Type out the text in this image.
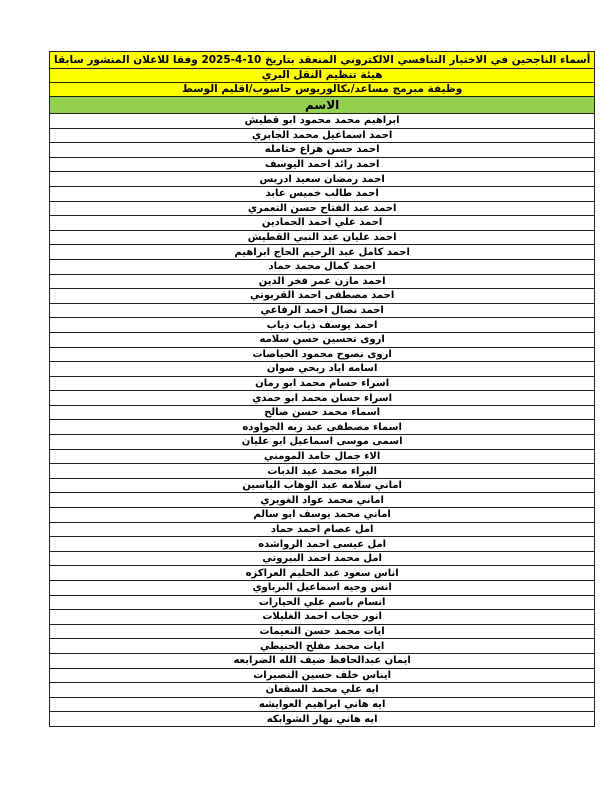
أسماء الناجحين في الاختبار التنافسي الالكتروني المنعقد بتاريخ 10-4-2025 وفقا للاعلان المنشور سابقا
هيئة تنظيم النقل البري
وظيفة مبرمج مساعد/بكالوريوس حاسوب/اقليم الوسط
الاسم
ابراهيم محمد محمود ابو قطيش
احمد اسماعيل محمد الجابري
احمد حسن هزاع حتامله
احمد رائد احمد اليوسف
احمد رمضان سعيد ادريس
احمد طالب خميس عابد
احمد عبد الفتاح حسن التعمري
احمد علي احمد الحمادين
احمد عليان عبد النبي القطيش
احمد كامل عبد الرحيم الحاج ابراهيم
احمد كمال محمد حماد
احمد مازن عمر فخر الدين
احمد مصطفى احمد القريوتي
احمد نضال احمد الرفاعي
احمد يوسف ذياب ذياب
اروى تحسين حسن سلامه
اروى نصوح محمود الحياصات
اسامه اياد ربحي صوان
اسراء حسام محمد ابو رمان
اسراء حسان محمد ابو حمدي
اسماء محمد حسن صالح
اسماء مصطفى عبد ربه الجواوده
اسمى موسى اسماعيل ابو عليان
الاء جمال حامد المومني
البراء محمد عيد الدبات
اماني سلامه عبد الوهاب الياسين
اماني محمد عواد الغويري
اماني محمد يوسف ابو سالم
امل عصام احمد حماد
امل عيسى احمد الرواشده
امل محمد احمد البيروتي
اناس سعود عبد الحليم العراكزه
انس وجيه اسماعيل البرباوي
انسام باسم علي الحيارات
انور حجاب احمد الغليلات
ايات محمد حسن النعيمات
ايات محمد مفلح الحنيطي
ايمان عبدالحافظ ضيف الله الضرابعه
ايناس خلف حسين النصيرات
ايه علي محمد السقعان
ايه هاني ابراهيم العوايشه
ايه هاني نهار الشوابكه
